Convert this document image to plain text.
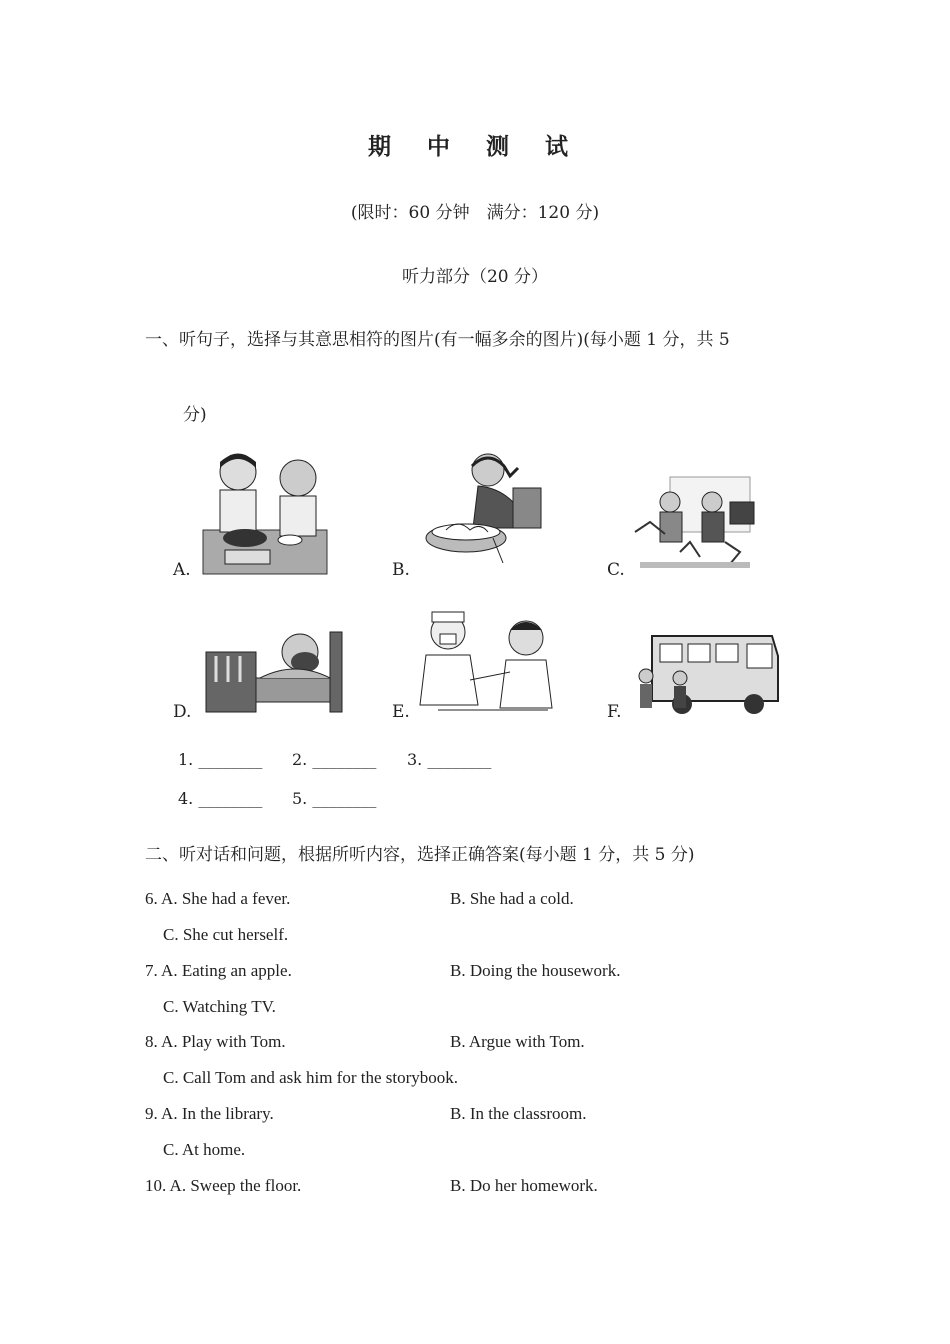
期 中 测 试
(限时：60 分钟　满分：120 分)
听力部分（20 分）
一、听句子，选择与其意思相符的图片(有一幅多余的图片)(每小题 1 分，共 5
分)
A.	B.	C.
D.	E.	F.
1. ________ 2. ________ 3. ________
4. ________ 5. ________
二、听对话和问题，根据所听内容，选择正确答案(每小题 1 分，共 5 分)
6. A. She had a fever.	B. She had a cold.
C. She cut herself.
7. A. Eating an apple.	B. Doing the housework.
C. Watching TV.
8. A. Play with Tom.	B. Argue with Tom.
C. Call Tom and ask him for the storybook.
9. A. In the library.	B. In the classroom.
C. At home.
10. A. Sweep the floor.	B. Do her homework.
